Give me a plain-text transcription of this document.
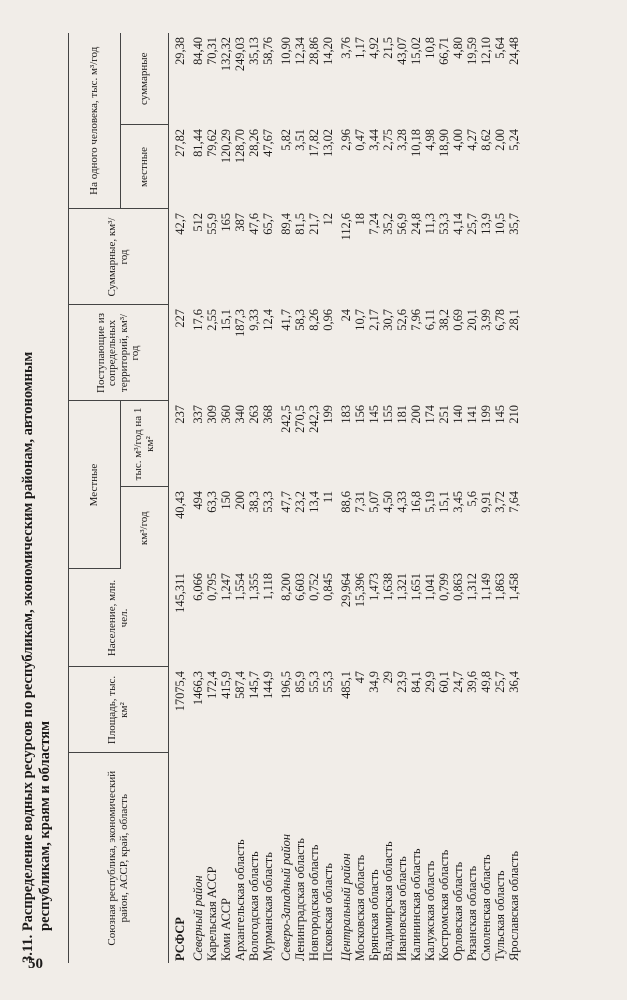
50
3.11. Распределение водных ресурсов по республикам, экономическим районам, автономным республикам, краям и областям	Союзная республика, экономический район, АССР, край, область	Площадь, тыс. км²	Население, млн. чел.	Местные		Поступающие из сопредельных территорий, км³/год	Суммарные, км³/год	На одного человека, тыс. м³/год	
			км³/год	тыс. м³/год на 1 км²			местные	суммарные
РСФСР	17075,4	145,311	40,43	237	227	42,7	27,82	29,38
Северный район	1466,3	6,066	494	337	17,6	512	81,44	84,40
Карельская АССР	172,4	0,795	63,3	309	2,55	55,9	79,62	70,31
Коми АССР	415,9	1,247	150	360	15,1	165	120,29	132,32
Архангельская область	587,4	1,554	200	340	187,3	387	128,70	249,03
Вологодская область	145,7	1,355	38,3	263	9,33	47,6	28,26	35,13
Мурманская область	144,9	1,118	53,3	368	12,4	65,7	47,67	58,76
Северо-Западный район	196,5	8,200	47,7	242,5	41,7	89,4	5,82	10,90
Ленинградская область	85,9	6,603	23,2	270,5	58,3	81,5	3,51	12,34
Новгородская область	55,3	0,752	13,4	242,3	8,26	21,7	17,82	28,86
Псковская область	55,3	0,845	11	199	0,96	12	13,02	14,20
Центральный район	485,1	29,964	88,6	183	24	112,6	2,96	3,76
Московская область	47	15,396	7,31	156	10,7	18	0,47	1,17
Брянская область	34,9	1,473	5,07	145	2,17	7,24	3,44	4,92
Владимирская область	29	1,638	4,50	155	30,7	35,2	2,75	21,5
Ивановская область	23,9	1,321	4,33	181	52,6	56,9	3,28	43,07
Калининская область	84,1	1,651	16,8	200	7,96	24,8	10,18	15,02
Калужская область	29,9	1,041	5,19	174	6,11	11,3	4,98	10,8
Костромская область	60,1	0,799	15,1	251	38,2	53,3	18,90	66,71
Орловская область	24,7	0,863	3,45	140	0,69	4,14	4,00	4,80
Рязанская область	39,6	1,312	5,6	141	20,1	25,7	4,27	19,59
Смоленская область	49,8	1,149	9,91	199	3,99	13,9	8,62	12,10
Тульская область	25,7	1,863	3,72	145	6,78	10,5	2,00	5,64
Ярославская область	36,4	1,458	7,64	210	28,1	35,7	5,24	24,48
